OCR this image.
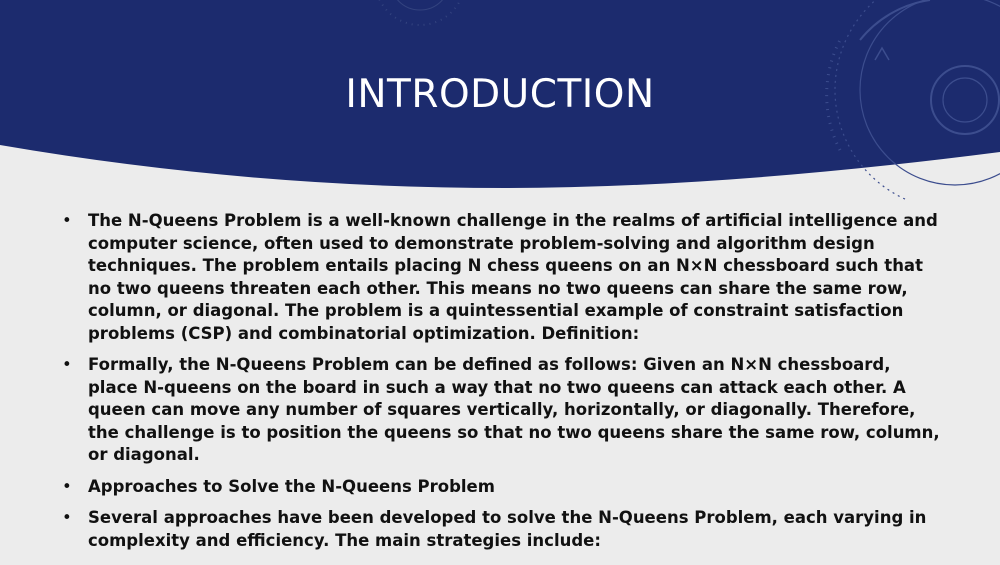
INTRODUCTION
• The N-Queens Problem is a well-known challenge in the realms of artificial intelligence and computer science, often used to demonstrate problem-solving and algorithm design techniques. The problem entails placing N chess queens on an N×N chessboard such that no two queens threaten each other. This means no two queens can share the same row, column, or diagonal. The problem is a quintessential example of constraint satisfaction problems (CSP) and combinatorial optimization. Definition:
• Formally, the N-Queens Problem can be defined as follows: Given an N×N chessboard, place N-queens on the board in such a way that no two queens can attack each other. A queen can move any number of squares vertically, horizontally, or diagonally. Therefore, the challenge is to position the queens so that no two queens share the same row, column, or diagonal.
• Approaches to Solve the N-Queens Problem
• Several approaches have been developed to solve the N-Queens Problem, each varying in complexity and efficiency. The main strategies include:
